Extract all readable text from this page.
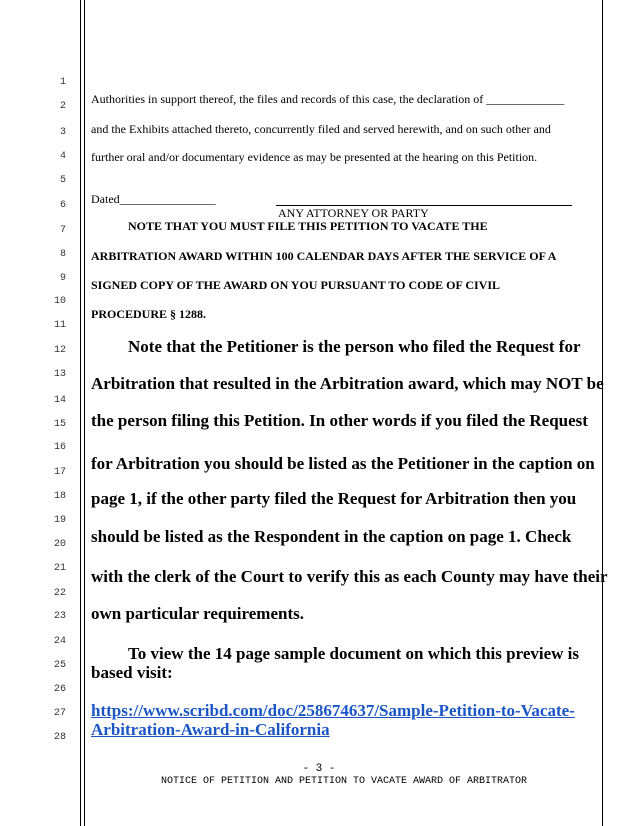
1
2
3
4
5
6
7
8
9
10
11
12
13
14
15
16
17
18
19
20
21
22
23
24
25
26
27
28
Authorities in support thereof, the files and records of this case, the declaration of _____________
and the Exhibits attached thereto, concurrently filed and served herewith, and on such other and
further oral and/or documentary evidence as may be presented at the hearing on this Petition.
Dated________________
ANY ATTORNEY OR PARTY
NOTE THAT YOU MUST FILE THIS PETITION TO VACATE THE
ARBITRATION AWARD WITHIN 100 CALENDAR DAYS AFTER THE SERVICE OF A
SIGNED COPY OF THE AWARD ON YOU PURSUANT TO CODE OF CIVIL
PROCEDURE § 1288.
Note that the Petitioner is the person who filed the Request for
Arbitration that resulted in the Arbitration award, which may NOT be
the person filing this Petition. In other words if you filed the Request
for Arbitration you should be listed as the Petitioner in the caption on
page 1, if the other party filed the Request for Arbitration then you
should be listed as the Respondent in the caption on page 1. Check
with the clerk of the Court to verify this as each County may have their
own particular requirements.
To view the 14 page sample document on which this preview is
based visit:
https://www.scribd.com/doc/258674637/Sample-Petition-to-Vacate-
Arbitration-Award-in-California
- 3 -
NOTICE OF PETITION AND PETITION TO VACATE AWARD OF ARBITRATOR
